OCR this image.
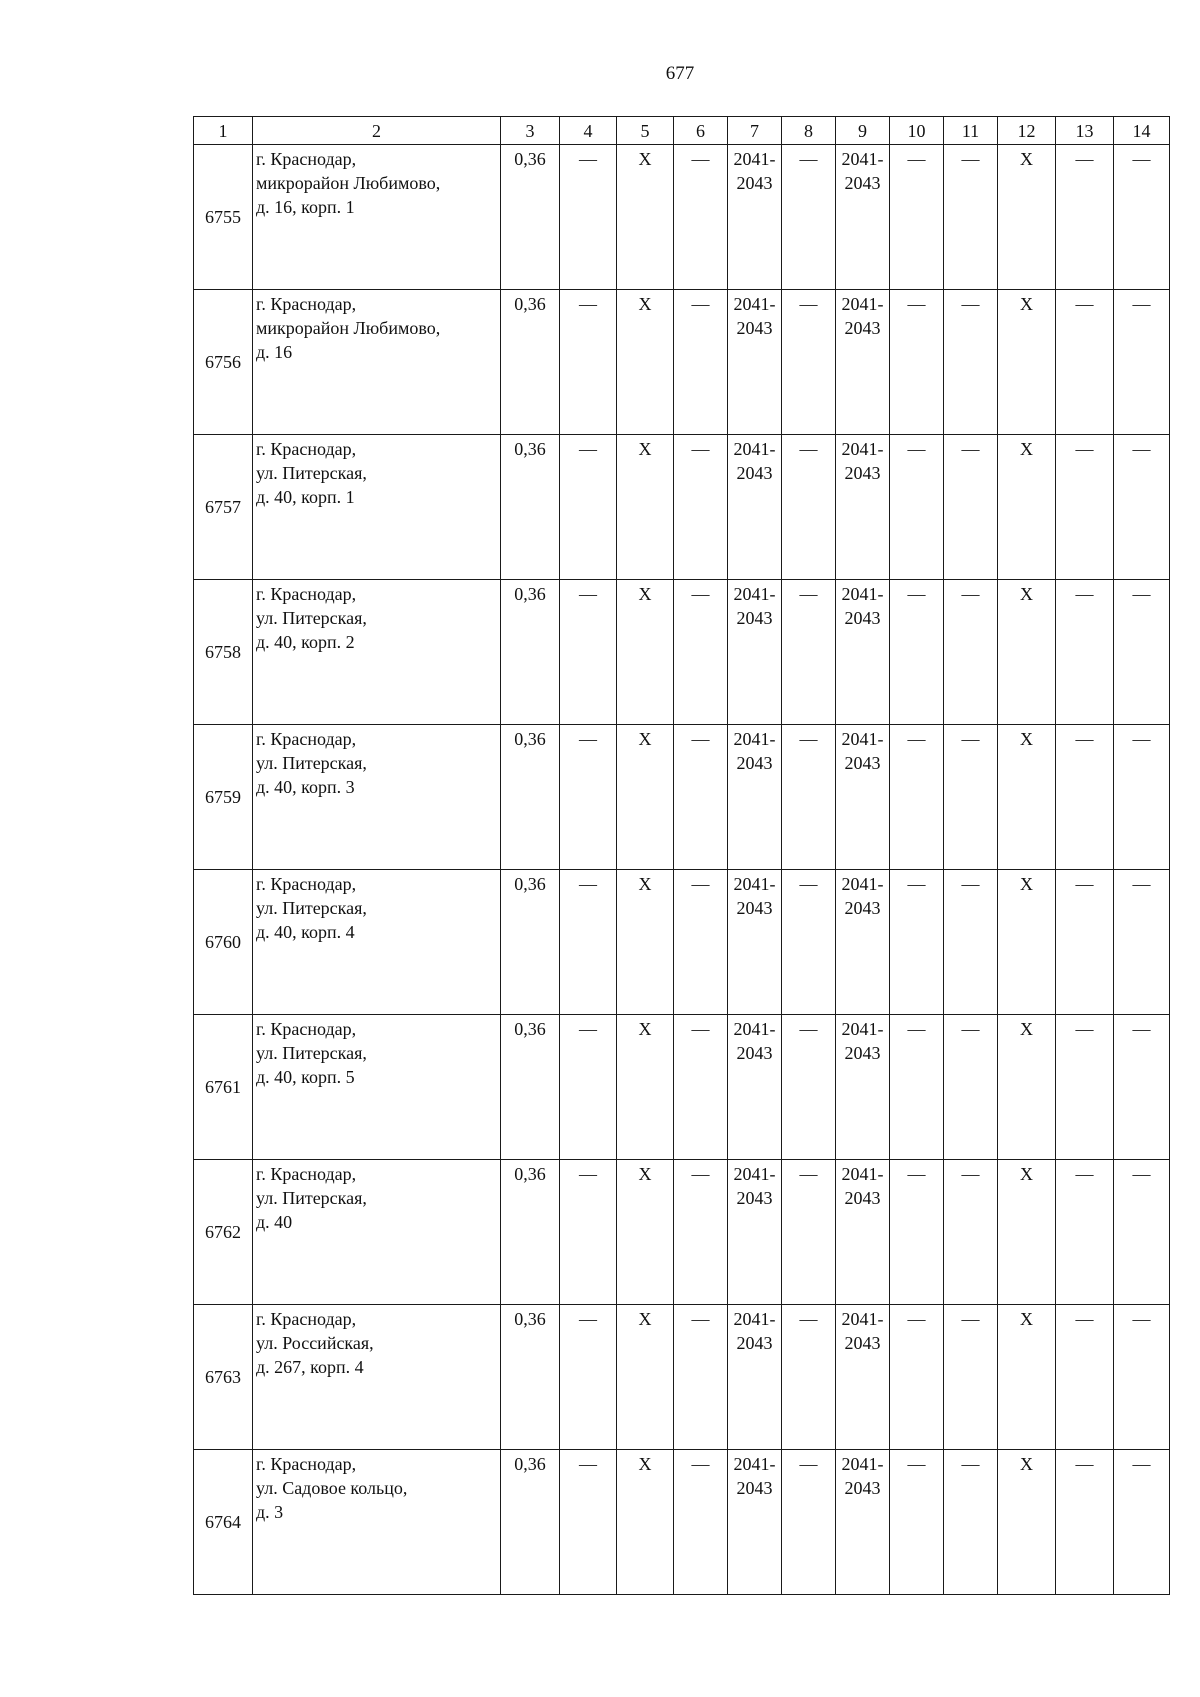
677
1	2	3	4	5	6	7	8	9	10	11	12	13	14
6755	г. Краснодар,
микрорайон Любимово,
д. 16, корп. 1	0,36	—	Х	—	2041-
2043	—	2041-
2043	—	—	Х	—	—
6756	г. Краснодар,
микрорайон Любимово,
д. 16	0,36	—	Х	—	2041-
2043	—	2041-
2043	—	—	Х	—	—
6757	г. Краснодар,
ул. Питерская,
д. 40, корп. 1	0,36	—	Х	—	2041-
2043	—	2041-
2043	—	—	Х	—	—
6758	г. Краснодар,
ул. Питерская,
д. 40, корп. 2	0,36	—	Х	—	2041-
2043	—	2041-
2043	—	—	Х	—	—
6759	г. Краснодар,
ул. Питерская,
д. 40, корп. 3	0,36	—	Х	—	2041-
2043	—	2041-
2043	—	—	Х	—	—
6760	г. Краснодар,
ул. Питерская,
д. 40, корп. 4	0,36	—	Х	—	2041-
2043	—	2041-
2043	—	—	Х	—	—
6761	г. Краснодар,
ул. Питерская,
д. 40, корп. 5	0,36	—	Х	—	2041-
2043	—	2041-
2043	—	—	Х	—	—
6762	г. Краснодар,
ул. Питерская,
д. 40	0,36	—	Х	—	2041-
2043	—	2041-
2043	—	—	Х	—	—
6763	г. Краснодар,
ул. Российская,
д. 267, корп. 4	0,36	—	Х	—	2041-
2043	—	2041-
2043	—	—	Х	—	—
6764	г. Краснодар,
ул. Садовое кольцо,
д. 3	0,36	—	Х	—	2041-
2043	—	2041-
2043	—	—	Х	—	—
